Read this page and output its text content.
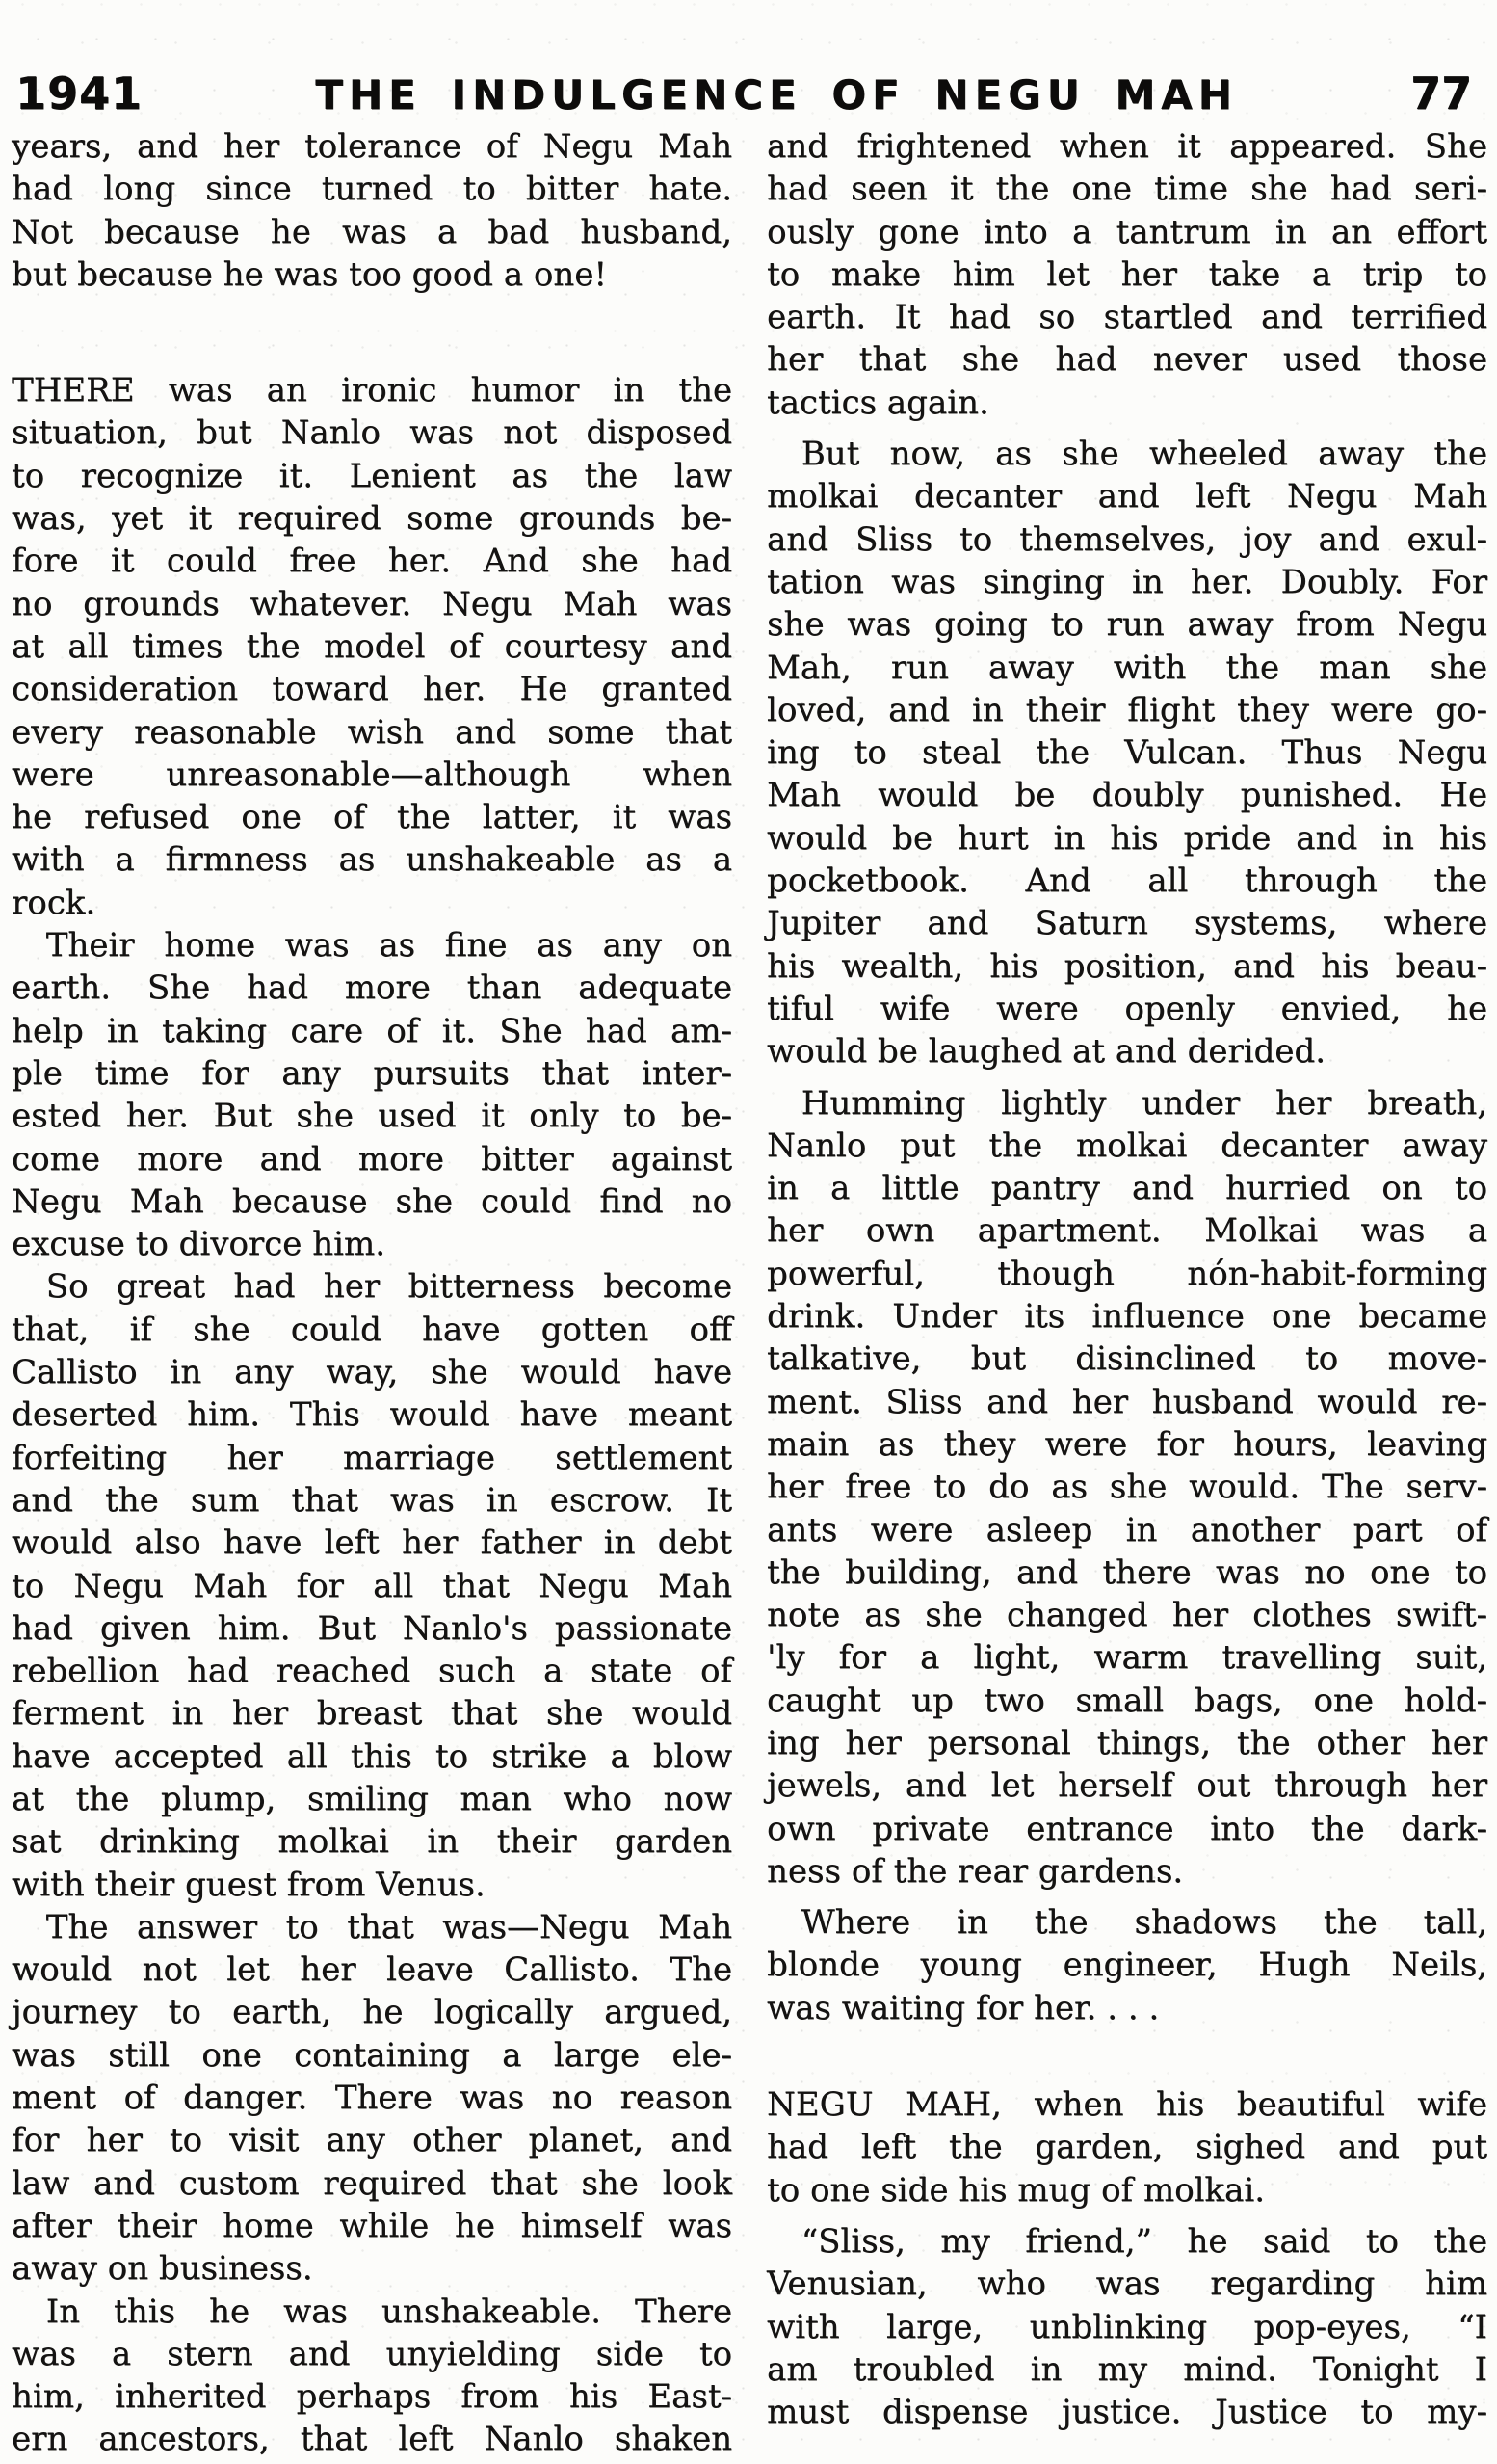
1941	THE INDULGENCE OF NEGU MAH	77
years, and her tolerance of Negu Mah
had long since turned to bitter hate.
Not because he was a bad husband,
but because he was too good a one!
THERE was an ironic humor in the
situation, but Nanlo was not disposed
to recognize it. Lenient as the law
was, yet it required some grounds be-
fore it could free her. And she had
no grounds whatever. Negu Mah was
at all times the model of courtesy and
consideration toward her. He granted
every reasonable wish and some that
were unreasonable—although when
he refused one of the latter, it was
with a firmness as unshakeable as a
rock.
Their home was as fine as any on
earth. She had more than adequate
help in taking care of it. She had am-
ple time for any pursuits that inter-
ested her. But she used it only to be-
come more and more bitter against
Negu Mah because she could find no
excuse to divorce him.
So great had her bitterness become
that, if she could have gotten off
Callisto in any way, she would have
deserted him. This would have meant
forfeiting her marriage settlement
and the sum that was in escrow. It
would also have left her father in debt
to Negu Mah for all that Negu Mah
had given him. But Nanlo's passionate
rebellion had reached such a state of
ferment in her breast that she would
have accepted all this to strike a blow
at the plump, smiling man who now
sat drinking molkai in their garden
with their guest from Venus.
The answer to that was—Negu Mah
would not let her leave Callisto. The
journey to earth, he logically argued,
was still one containing a large ele-
ment of danger. There was no reason
for her to visit any other planet, and
law and custom required that she look
after their home while he himself was
away on business.
In this he was unshakeable. There
was a stern and unyielding side to
him, inherited perhaps from his East-
ern ancestors, that left Nanlo shaken
and frightened when it appeared. She
had seen it the one time she had seri-
ously gone into a tantrum in an effort
to make him let her take a trip to
earth. It had so startled and terrified
her that she had never used those
tactics again.
But now, as she wheeled away the
molkai decanter and left Negu Mah
and Sliss to themselves, joy and exul-
tation was singing in her. Doubly. For
she was going to run away from Negu
Mah, run away with the man she
loved, and in their flight they were go-
ing to steal the Vulcan. Thus Negu
Mah would be doubly punished. He
would be hurt in his pride and in his
pocketbook. And all through the
Jupiter and Saturn systems, where
his wealth, his position, and his beau-
tiful wife were openly envied, he
would be laughed at and derided.
Humming lightly under her breath,
Nanlo put the molkai decanter away
in a little pantry and hurried on to
her own apartment. Molkai was a
powerful, though nón-habit-forming
drink. Under its influence one became
talkative, but disinclined to move-
ment. Sliss and her husband would re-
main as they were for hours, leaving
her free to do as she would. The serv-
ants were asleep in another part of
the building, and there was no one to
note as she changed her clothes swift-
'ly for a light, warm travelling suit,
caught up two small bags, one hold-
ing her personal things, the other her
jewels, and let herself out through her
own private entrance into the dark-
ness of the rear gardens.
Where in the shadows the tall,
blonde young engineer, Hugh Neils,
was waiting for her. . . .
NEGU MAH, when his beautiful wife
had left the garden, sighed and put
to one side his mug of molkai.
“Sliss, my friend,” he said to the
Venusian, who was regarding him
with large, unblinking pop-eyes, “I
am troubled in my mind. Tonight I
must dispense justice. Justice to my-
